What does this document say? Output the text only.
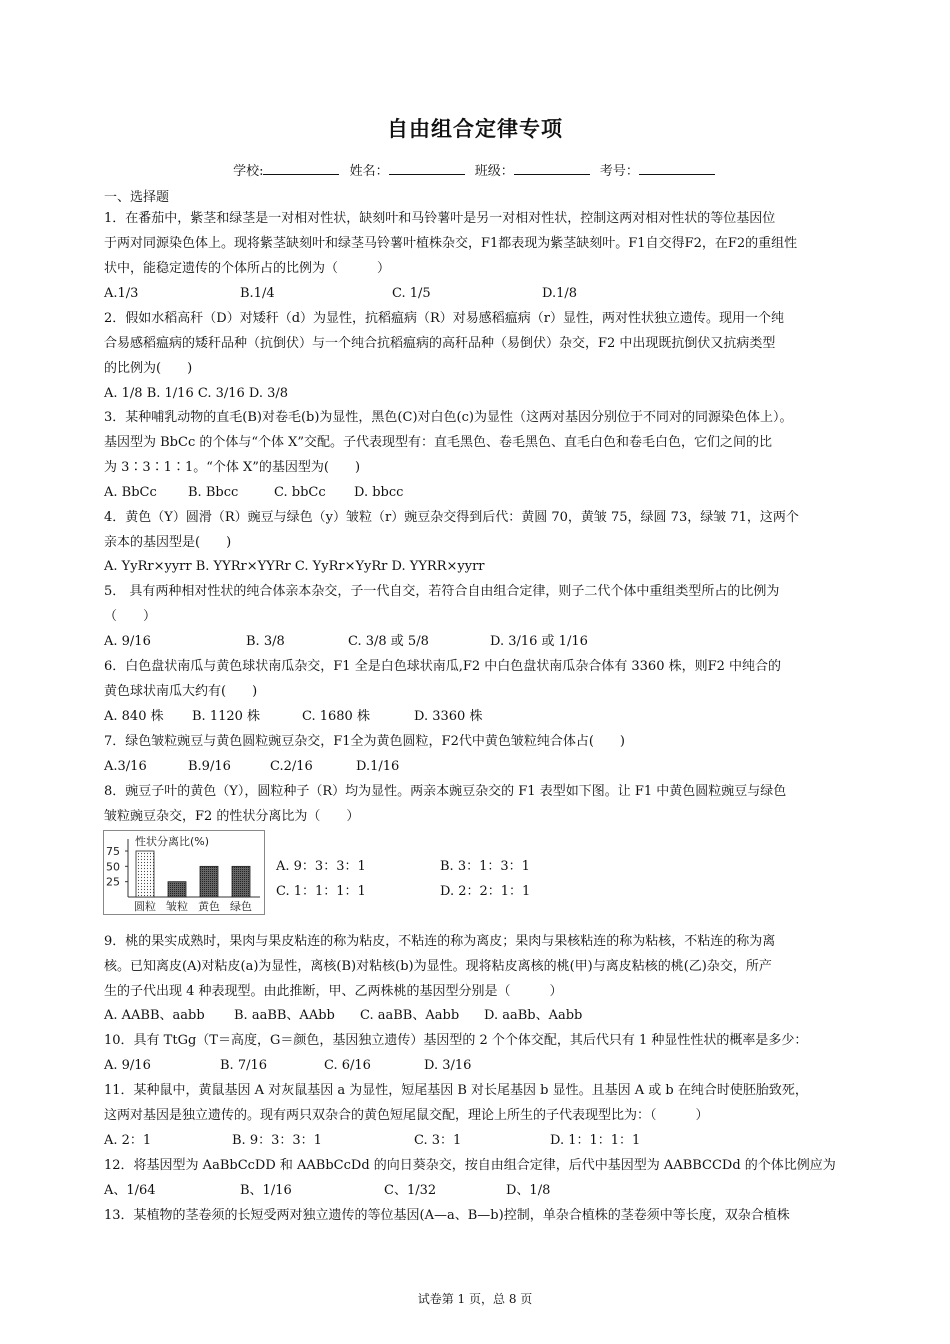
自由组合定律专项
学校:	姓名：	班级：	考号：
一、选择题
1．在番茄中，紫茎和绿茎是一对相对性状，缺刻叶和马铃薯叶是另一对相对性状，控制这两对相对性状的等位基因位
于两对同源染色体上。现将紫茎缺刻叶和绿茎马铃薯叶植株杂交，F1都表现为紫茎缺刻叶。F1自交得F2，在F2的重组性
状中，能稳定遗传的个体所占的比例为（　　　）
A.1/3	B.1/4	C. 1/5	D.1/8
2．假如水稻高秆（D）对矮秆（d）为显性，抗稻瘟病（R）对易感稻瘟病（r）显性，两对性状独立遗传。现用一个纯
合易感稻瘟病的矮秆品种（抗倒伏）与一个纯合抗稻瘟病的高秆品种（易倒伏）杂交，F2 中出现既抗倒伏又抗病类型
的比例为(　　)
A. 1/8 B. 1/16 C. 3/16 D. 3/8
3．某种哺乳动物的直毛(B)对卷毛(b)为显性，黑色(C)对白色(c)为显性（这两对基因分别位于不同对的同源染色体上）。
基因型为 BbCc 的个体与“个体 X”交配。子代表现型有：直毛黑色、卷毛黑色、直毛白色和卷毛白色，它们之间的比
为 3∶3∶1∶1。“个体 X”的基因型为(　　)
A. BbCc B. Bbcc	C. bbCc D. bbcc
4．黄色（Y）圆滑（R）豌豆与绿色（y）皱粒（r）豌豆杂交得到后代：黄圆 70，黄皱 75，绿圆 73，绿皱 71，这两个
亲本的基因型是(　　)
A. YyRr×yyrr B. YYRr×YYRr C. YyRr×YyRr D. YYRR×yyrr
5． 具有两种相对性状的纯合体亲本杂交，子一代自交，若符合自由组合定律，则子二代个体中重组类型所占的比例为
（　　）
A. 9/16	B. 3/8	C. 3/8 或 5/8	D. 3/16 或 1/16
6．白色盘状南瓜与黄色球状南瓜杂交，F1 全是白色球状南瓜,F2 中白色盘状南瓜杂合体有 3360 株，则F2 中纯合的
黄色球状南瓜大约有(　　)
A. 840 株 B. 1120 株	C. 1680 株	D. 3360 株
7．绿色皱粒豌豆与黄色圆粒豌豆杂交，F1全为黄色圆粒，F2代中黄色皱粒纯合体占(　　)
A.3/16	B.9/16	C.2/16	D.1/16
8．豌豆子叶的黄色（Y），圆粒种子（R）均为显性。两亲本豌豆杂交的 F1 表型如下图。让 F1 中黄色圆粒豌豆与绿色
皱粒豌豆杂交，F2 的性状分离比为（　　）
性状分离比(%)
75
50
25
圆粒 皱粒 黄色 绿色
A. 9：3：3：1	B. 3：1：3：1
C. 1：1：1：1	D. 2：2：1：1
9．桃的果实成熟时，果肉与果皮粘连的称为粘皮，不粘连的称为离皮；果肉与果核粘连的称为粘核，不粘连的称为离
核。已知离皮(A)对粘皮(a)为显性，离核(B)对粘核(b)为显性。现将粘皮离核的桃(甲)与离皮粘核的桃(乙)杂交，所产
生的子代出现 4 种表现型。由此推断，甲、乙两株桃的基因型分别是（　　　）
A. AABB、aabb B. aaBB、AAbb C. aaBB、Aabb D. aaBb、Aabb
10．具有 TtGg（T＝高度，G＝颜色，基因独立遗传）基因型的 2 个个体交配，其后代只有 1 种显性性状的概率是多少：
A. 9/16	B. 7/16	C. 6/16	D. 3/16
11．某种鼠中，黄鼠基因 A 对灰鼠基因 a 为显性，短尾基因 B 对长尾基因 b 显性。且基因 A 或 b 在纯合时使胚胎致死，
这两对基因是独立遗传的。现有两只双杂合的黄色短尾鼠交配，理论上所生的子代表现型比为：（　　　）
A. 2：1	B. 9：3：3：1	C. 3：1	D. 1：1：1：1
12．将基因型为 AaBbCcDD 和 AABbCcDd 的向日葵杂交，按自由组合定律，后代中基因型为 AABBCCDd 的个体比例应为
A、1/64	B、1/16	C、1/32	D、1/8
13．某植物的茎卷须的长短受两对独立遗传的等位基因(A—a、B—b)控制，单杂合植株的茎卷须中等长度，双杂合植株
试卷第 1 页，总 8 页
